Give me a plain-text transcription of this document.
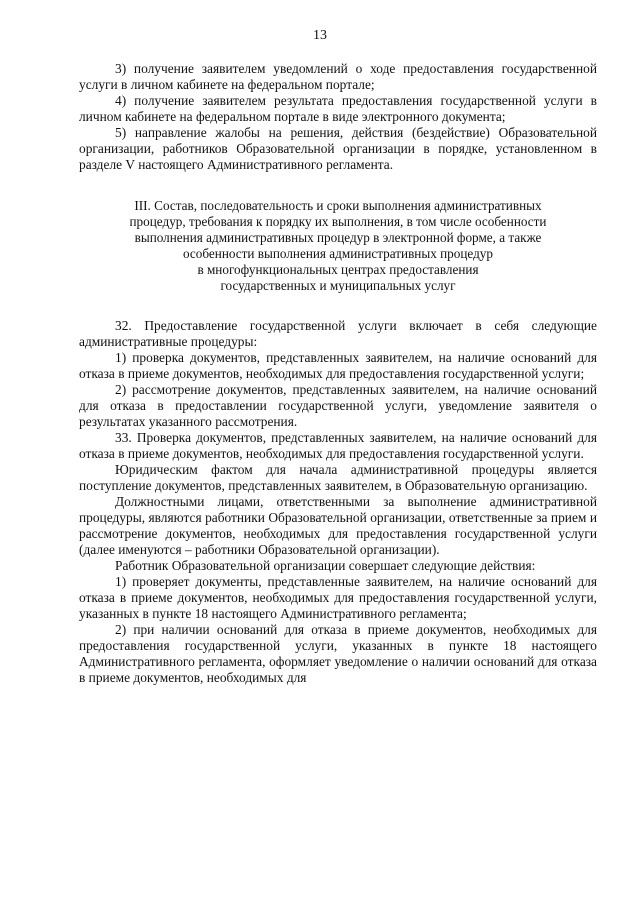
13

3) получение заявителем уведомлений о ходе предоставления государственной услуги в личном кабинете на федеральном портале;

4) получение заявителем результата предоставления государственной услуги в личном кабинете на федеральном портале в виде электронного документа;

5) направление жалобы на решения, действия (бездействие) Образовательной организации, работников Образовательной организации в порядке, установленном в разделе V настоящего Административного регламента.

III. Состав, последовательность и сроки выполнения административных
процедур, требования к порядку их выполнения, в том числе особенности
выполнения административных процедур в электронной форме, а также
особенности выполнения административных процедур
в многофункциональных центрах предоставления
государственных и муниципальных услуг

32. Предоставление государственной услуги включает в себя следующие административные процедуры:

1) проверка документов, представленных заявителем, на наличие оснований для отказа в приеме документов, необходимых для предоставления государственной услуги;

2) рассмотрение документов, представленных заявителем, на наличие оснований для отказа в предоставлении государственной услуги, уведомление заявителя о результатах указанного рассмотрения.

33. Проверка документов, представленных заявителем, на наличие оснований для отказа в приеме документов, необходимых для предоставления государственной услуги.

Юридическим фактом для начала административной процедуры является поступление документов, представленных заявителем, в Образовательную организацию.

Должностными лицами, ответственными за выполнение административной процедуры, являются работники Образовательной организации, ответственные за прием и рассмотрение документов, необходимых для предоставления государственной услуги (далее именуются – работники Образовательной организации).

Работник Образовательной организации совершает следующие действия:

1) проверяет документы, представленные заявителем, на наличие оснований для отказа в приеме документов, необходимых для предоставления государственной услуги, указанных в пункте 18 настоящего Административного регламента;

2) при наличии оснований для отказа в приеме документов, необходимых для предоставления государственной услуги, указанных в пункте 18 настоящего Административного регламента, оформляет уведомление о наличии оснований для отказа в приеме документов, необходимых для
